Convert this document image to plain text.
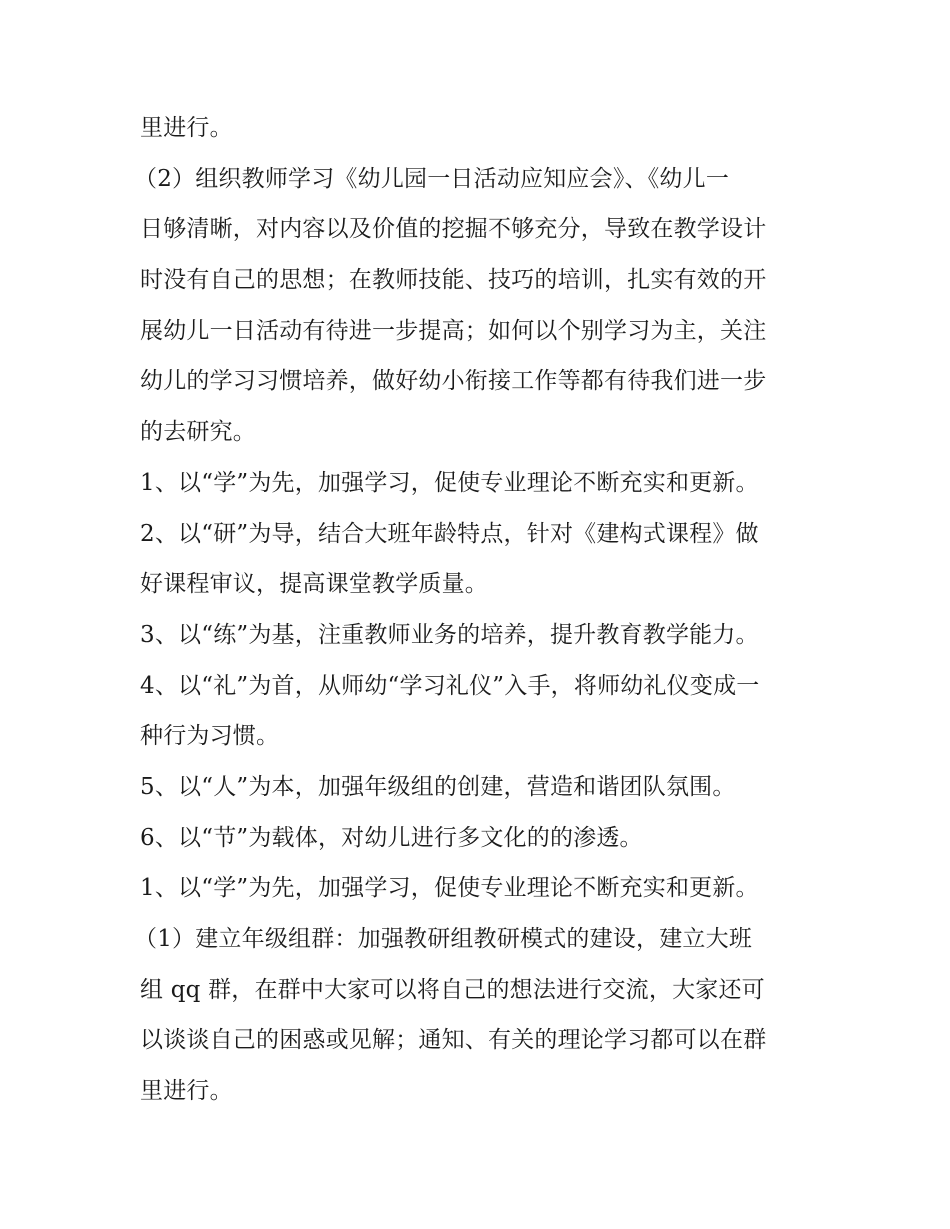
里进行。
（2）组织教师学习《幼儿园一日活动应知应会》、《幼儿一
日够清晰，对内容以及价值的挖掘不够充分，导致在教学设计
时没有自己的思想；在教师技能、技巧的培训，扎实有效的开
展幼儿一日活动有待进一步提高；如何以个别学习为主，关注
幼儿的学习习惯培养，做好幼小衔接工作等都有待我们进一步
的去研究。
1、以“学”为先，加强学习，促使专业理论不断充实和更新。
2、以“研”为导，结合大班年龄特点，针对《建构式课程》做
好课程审议，提高课堂教学质量。
3、以“练”为基，注重教师业务的培养，提升教育教学能力。
4、以“礼”为首，从师幼“学习礼仪”入手，将师幼礼仪变成一
种行为习惯。
5、以“人”为本，加强年级组的创建，营造和谐团队氛围。
6、以“节”为载体，对幼儿进行多文化的的渗透。
1、以“学”为先，加强学习，促使专业理论不断充实和更新。
（1）建立年级组群：加强教研组教研模式的建设，建立大班
组 qq 群，在群中大家可以将自己的想法进行交流，大家还可
以谈谈自己的困惑或见解；通知、有关的理论学习都可以在群
里进行。
